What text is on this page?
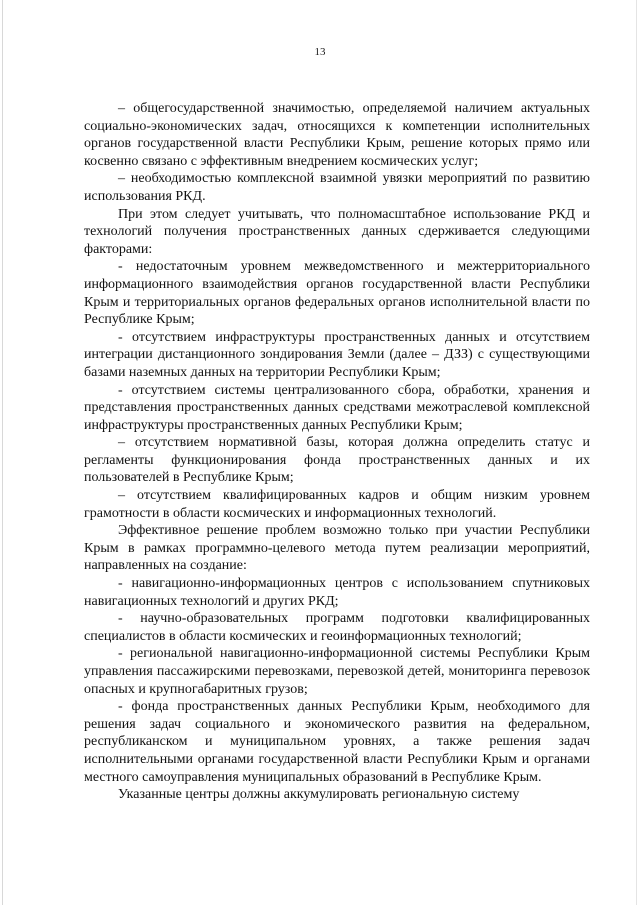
13

– общегосударственной значимостью, определяемой наличием актуальных социально-экономических задач, относящихся к компетенции исполнительных органов государственной власти Республики Крым, решение которых прямо или косвенно связано с эффективным внедрением космических услуг;

– необходимостью комплексной взаимной увязки мероприятий по развитию использования РКД.

При этом следует учитывать, что полномасштабное использование РКД и технологий получения пространственных данных сдерживается следующими факторами:

- недостаточным уровнем межведомственного и межтерриториального информационного взаимодействия органов государственной власти Республики Крым и территориальных органов федеральных органов исполнительной власти по Республике Крым;

- отсутствием инфраструктуры пространственных данных и отсутствием интеграции дистанционного зондирования Земли (далее – ДЗЗ) с существующими базами наземных данных на территории Республики Крым;

- отсутствием системы централизованного сбора, обработки, хранения и представления пространственных данных средствами межотраслевой комплексной инфраструктуры пространственных данных Республики Крым;

– отсутствием нормативной базы, которая должна определить статус и регламенты функционирования фонда пространственных данных и их пользователей в Республике Крым;

– отсутствием квалифицированных кадров и общим низким уровнем грамотности в области космических и информационных технологий.

Эффективное решение проблем возможно только при участии Республики Крым в рамках программно-целевого метода путем реализации мероприятий, направленных на создание:

- навигационно-информационных центров с использованием спутниковых навигационных технологий и других РКД;

- научно-образовательных программ подготовки квалифицированных специалистов в области космических и геоинформационных технологий;

- региональной навигационно-информационной системы Республики Крым управления пассажирскими перевозками, перевозкой детей, мониторинга перевозок опасных и крупногабаритных грузов;

- фонда пространственных данных Республики Крым, необходимого для решения задач социального и экономического развития на федеральном, республиканском и муниципальном уровнях, а также решения задач исполнительными органами государственной власти Республики Крым и органами местного самоуправления муниципальных образований в Республике Крым.

Указанные центры должны аккумулировать региональную систему
